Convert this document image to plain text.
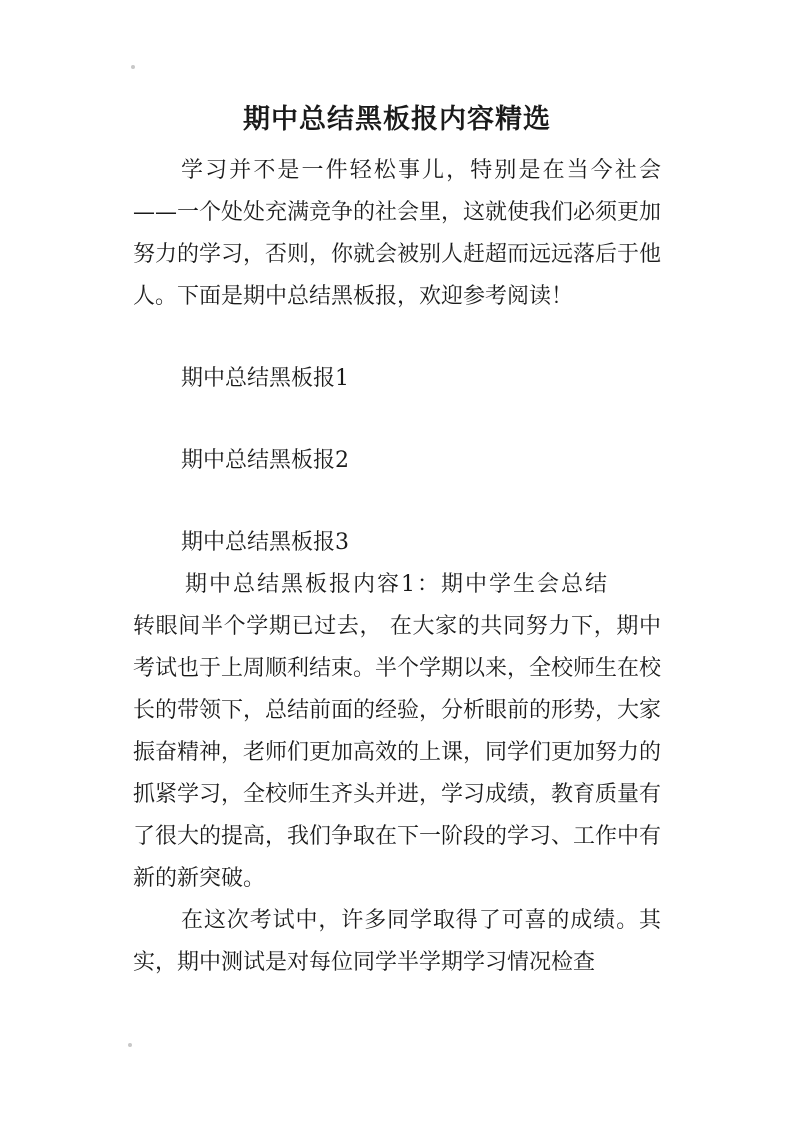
期中总结黑板报内容精选

学习并不是一件轻松事儿，特别是在当今社会——一个处处充满竞争的社会里，这就使我们必须更加努力的学习，否则，你就会被别人赶超而远远落后于他人。下面是期中总结黑板报，欢迎参考阅读！

期中总结黑板报1

期中总结黑板报2

期中总结黑板报3

期中总结黑板报内容1：期中学生会总结

转眼间半个学期已过去， 在大家的共同努力下，期中考试也于上周顺利结束。半个学期以来，全校师生在校长的带领下，总结前面的经验，分析眼前的形势，大家振奋精神，老师们更加高效的上课，同学们更加努力的抓紧学习，全校师生齐头并进，学习成绩，教育质量有了很大的提高，我们争取在下一阶段的学习、工作中有新的新突破。

在这次考试中，许多同学取得了可喜的成绩。其实，期中测试是对每位同学半学期学习情况检查
